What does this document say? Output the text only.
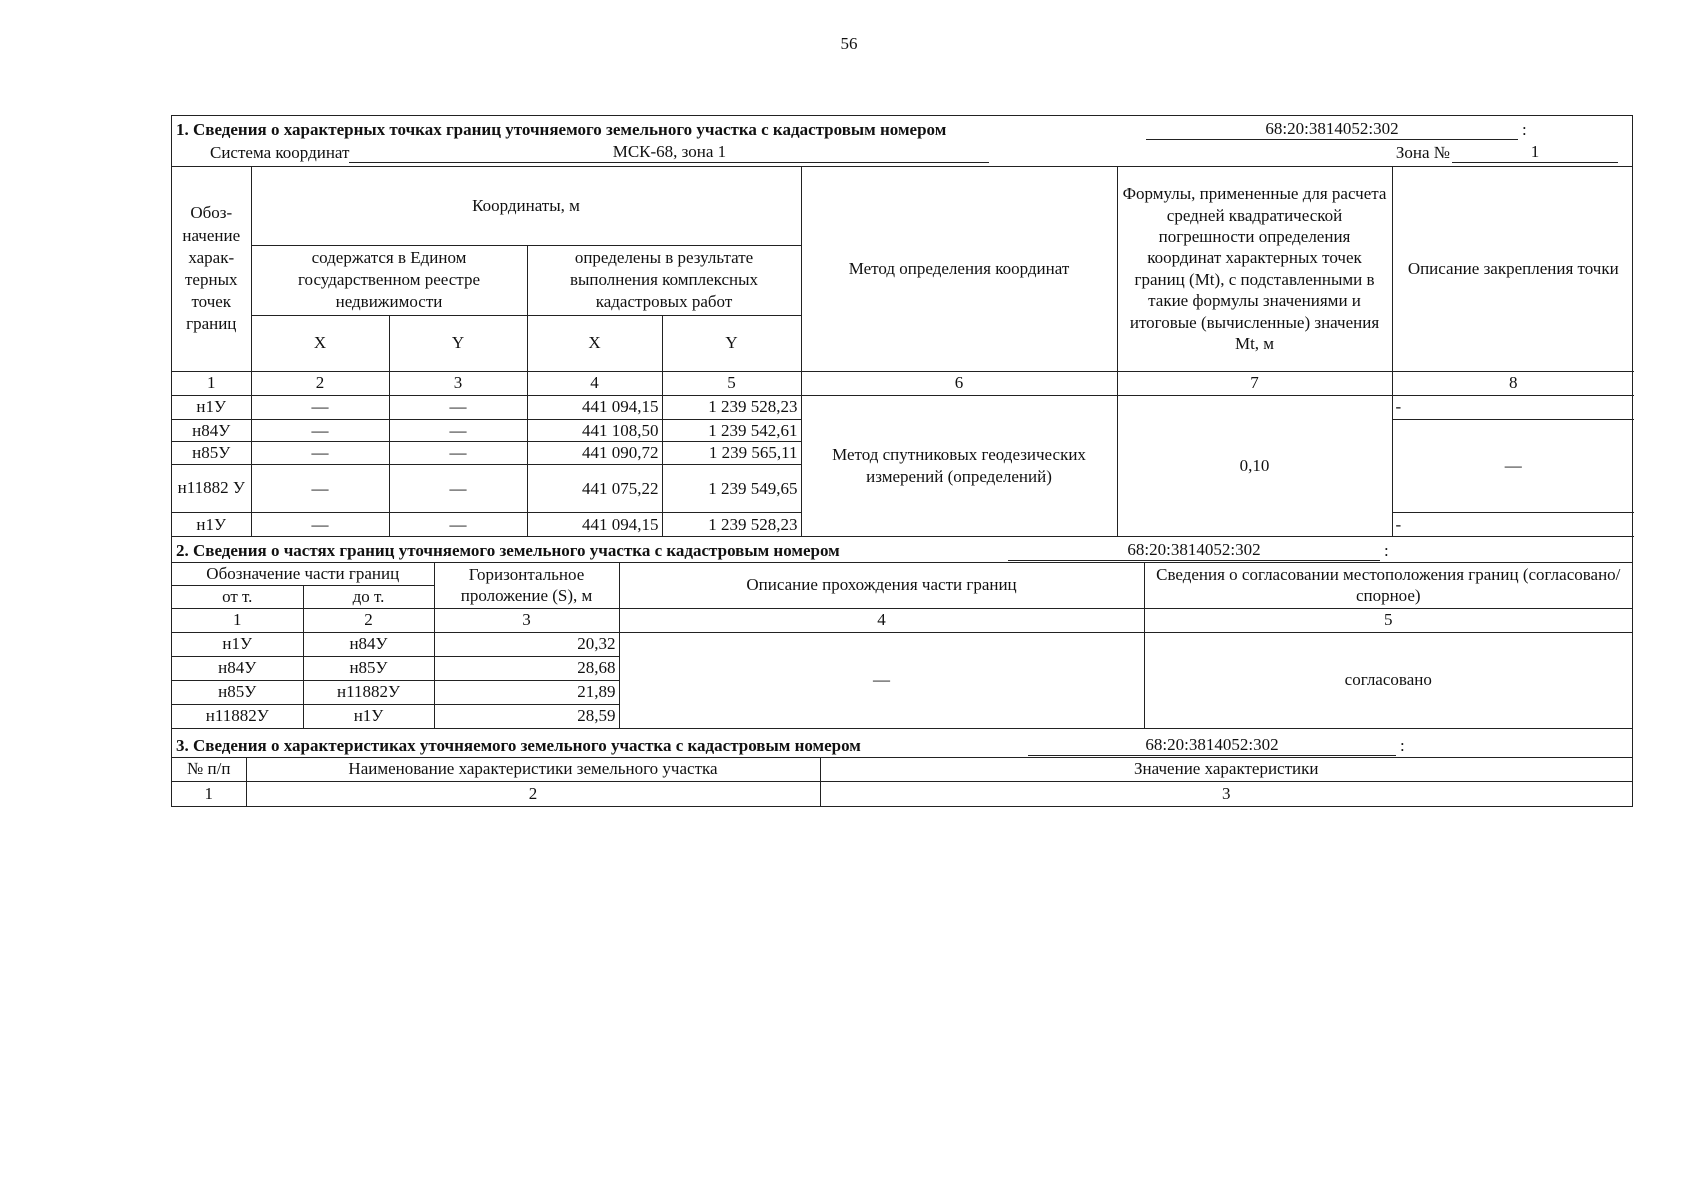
56
1. Сведения о характерных точках границ уточняемого земельного участка с кадастровым номером	68:20:3814052:302	:
Система координат	МСК-68, зона 1	Зона №	1
Обоз-начение харак-терных точек границ	Координаты, м				Метод определения координат	Формулы, примененные для расчета средней квадратической погрешности определения координат характерных точек границ (Mt), с подставленными в такие формулы значениями и итоговые (вычисленные) значения Mt, м	Описание закрепления точки
	содержатся в Едином государственном реестре недвижимости		определены в результате выполнения комплексных кадастровых работ				
	X	Y	X	Y			
1	2	3	4	5	6	7	8
н1У	—	—	441 094,15	1 239 528,23	Метод спутниковых геодезических измерений (определений)	0,10	-
н84У	—	—	441 108,50	1 239 542,61			—
н85У	—	—	441 090,72	1 239 565,11			
н11882 У	—	—	441 075,22	1 239 549,65			
н1У	—	—	441 094,15	1 239 528,23			-
2. Сведения о частях границ уточняемого земельного участка с кадастровым номером	68:20:3814052:302	:
Обозначение части границ		Горизонтальное проложение (S), м	Описание прохождения части границ	Сведения о согласовании местоположения границ (согласовано/спорное)
от т.	до т.			
1	2	3	4	5
н1У	н84У	20,32	—	согласовано
н84У	н85У	28,68		
н85У	н11882У	21,89		
н11882У	н1У	28,59		
3. Сведения о характеристиках уточняемого земельного участка с кадастровым номером	68:20:3814052:302	:
№ п/п	Наименование характеристики земельного участка	Значение характеристики
1	2	3
